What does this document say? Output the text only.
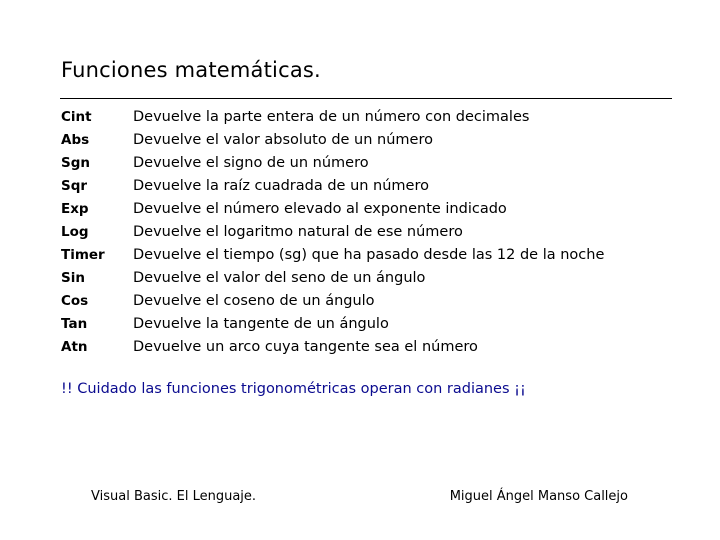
Funciones matemáticas.
Cint	Devuelve la parte entera de un número con decimales
Abs	Devuelve el valor absoluto de un número
Sgn	Devuelve el signo de un número
Sqr	Devuelve la raíz cuadrada de un número
Exp	Devuelve el número elevado al exponente indicado
Log	Devuelve el logaritmo natural de ese número
Timer	Devuelve el tiempo (sg) que ha pasado desde las 12 de la noche
Sin	Devuelve el valor del seno de un ángulo
Cos	Devuelve el coseno de un ángulo
Tan	Devuelve la tangente de un ángulo
Atn	Devuelve un arco cuya tangente sea el número
!! Cuidado las funciones trigonométricas operan con radianes ¡¡
Visual Basic. El Lenguaje.	Miguel Ángel Manso Callejo
